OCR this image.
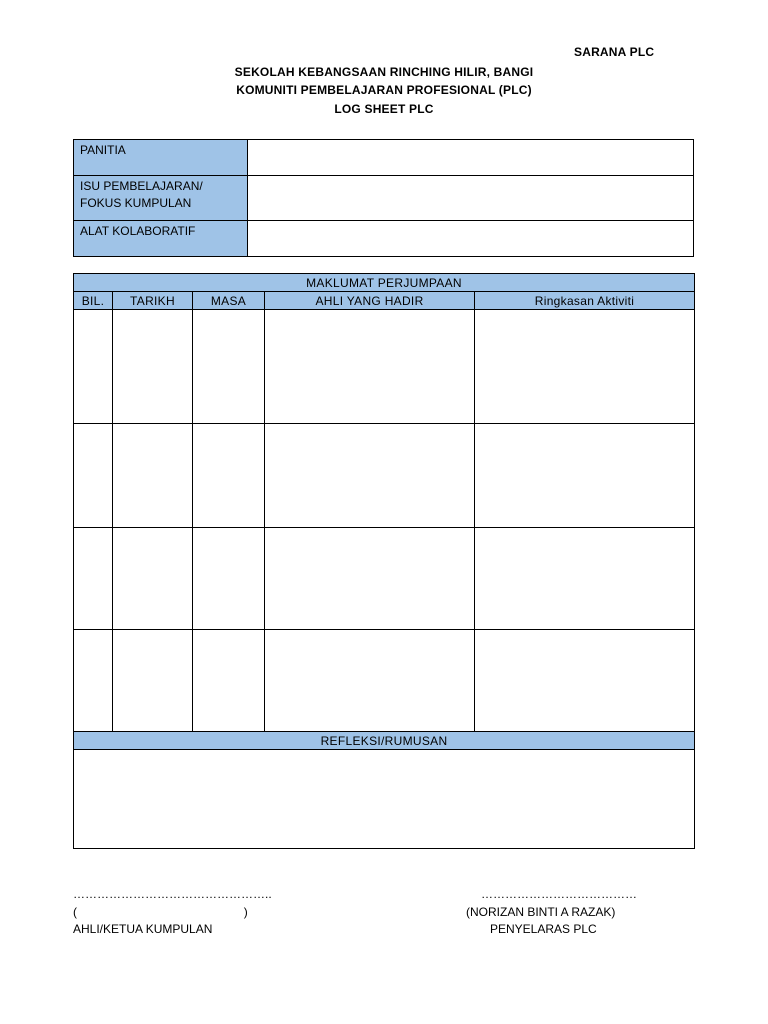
SARANA PLC
SEKOLAH KEBANGSAAN RINCHING HILIR, BANGI
KOMUNITI PEMBELAJARAN PROFESIONAL (PLC)
LOG SHEET PLC
PANITIA	

ISU PEMBELAJARAN/
FOKUS KUMPULAN	

ALAT KOLABORATIF	
MAKLUMAT PERJUMPAAN				
BIL.	TARIKH	MASA	AHLI YANG HADIR	Ringkasan Aktiviti

REFLEKSI/RUMUSAN				

…………………………………………..
(                                                  )
AHLI/KETUA KUMPULAN
…………………………………
(NORIZAN BINTI A RAZAK)
PENYELARAS PLC
